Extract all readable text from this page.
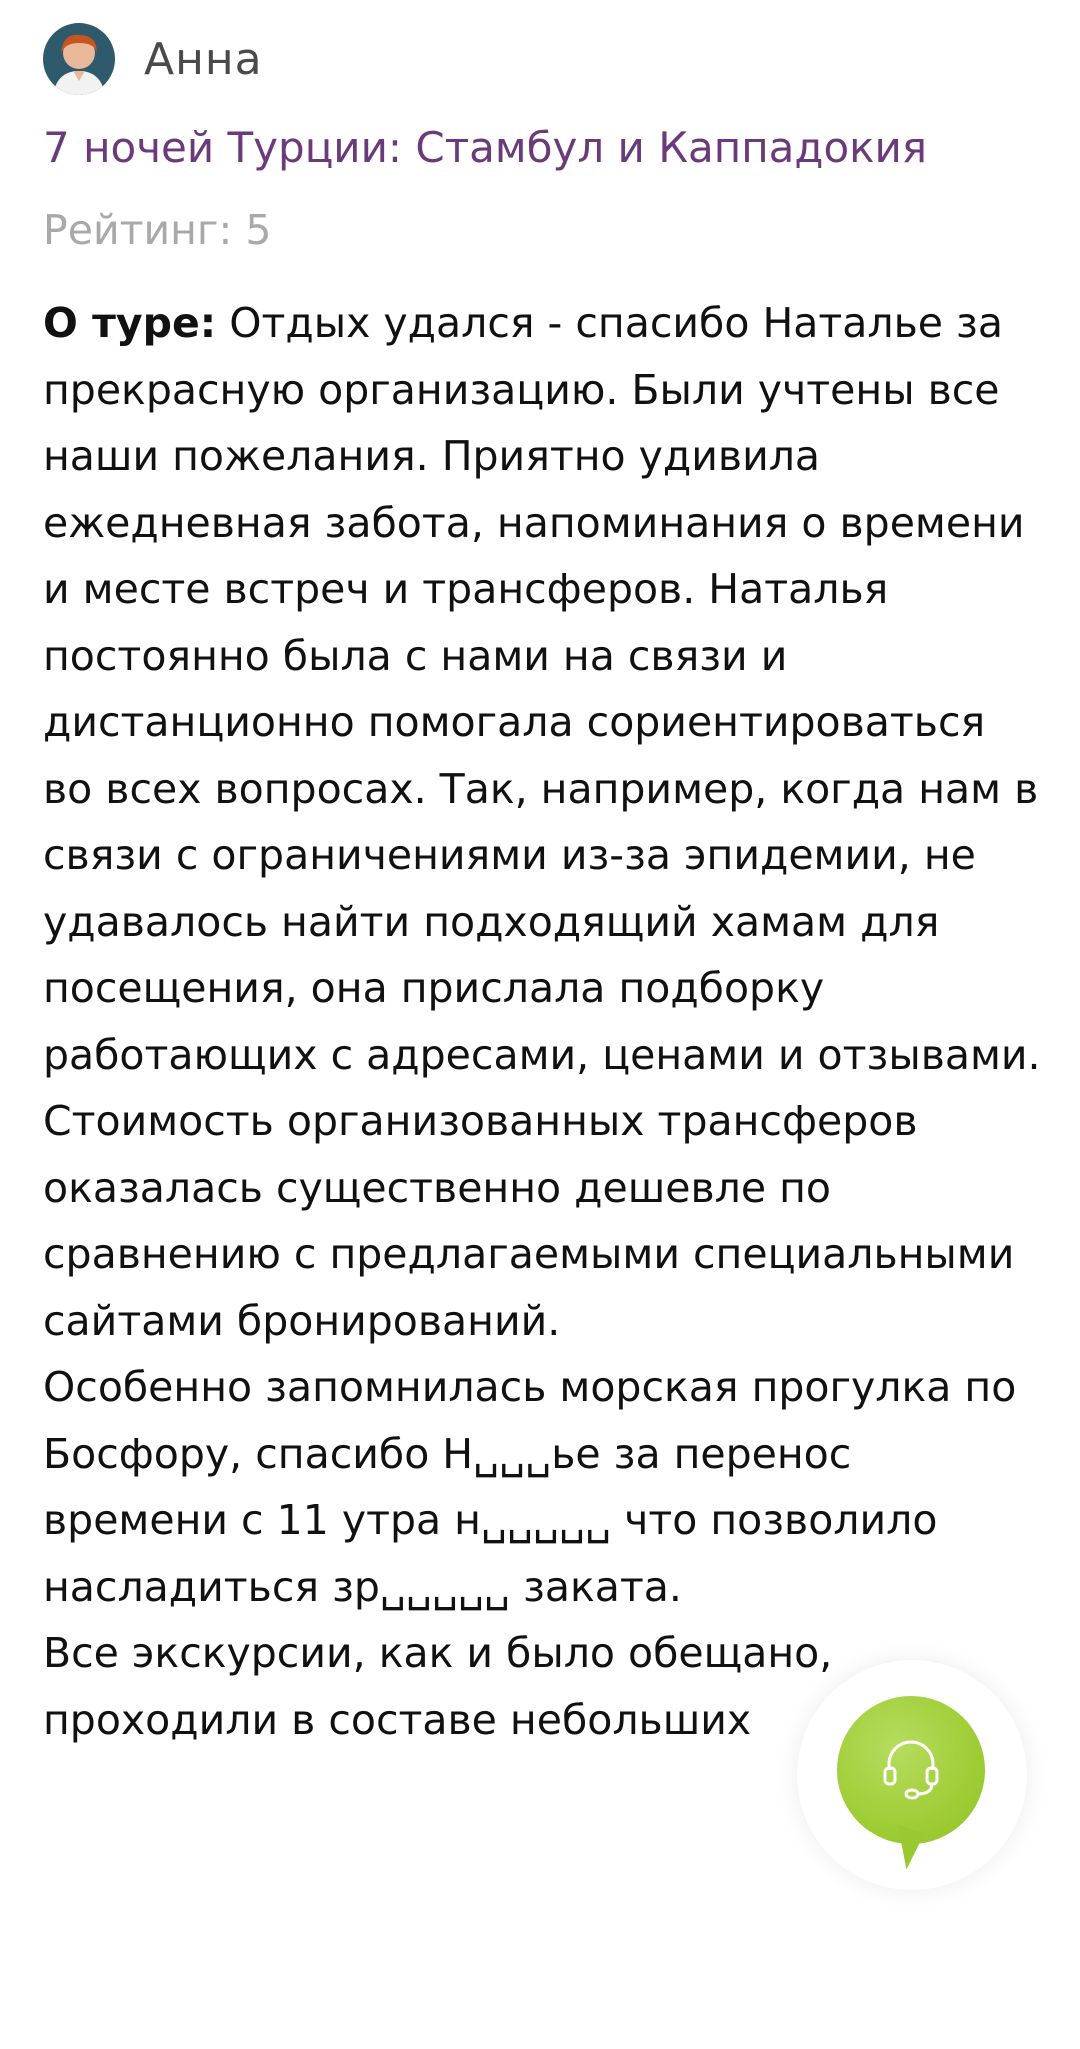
Анна
7 ночей Турции: Стамбул и Каппадокия
Рейтинг: 5
О туре: Отдых удался - спасибо Наталье за прекрасную организацию. Были учтены все наши пожелания. Приятно удивила ежедневная забота, напоминания о времени и месте встреч и трансферов. Наталья постоянно была с нами на связи и дистанционно помогала сориентироваться во всех вопросах. Так, например, когда нам в связи с ограничениями из-за эпидемии, не удавалось найти подходящий хамам для посещения, она прислала подборку работающих с адресами, ценами и отзывами. Стоимость организованных трансферов оказалась существенно дешевле по сравнению с предлагаемыми специальными сайтами бронирований.
Особенно запомнилась морская прогулка по Босфору, спасибо Н␣␣␣ье за перенос времени с 11 утра н␣␣␣␣␣ что позволило насладиться зр␣␣␣␣␣ заката.
Все экскурсии, как и было обещано, проходили в составе небольших
